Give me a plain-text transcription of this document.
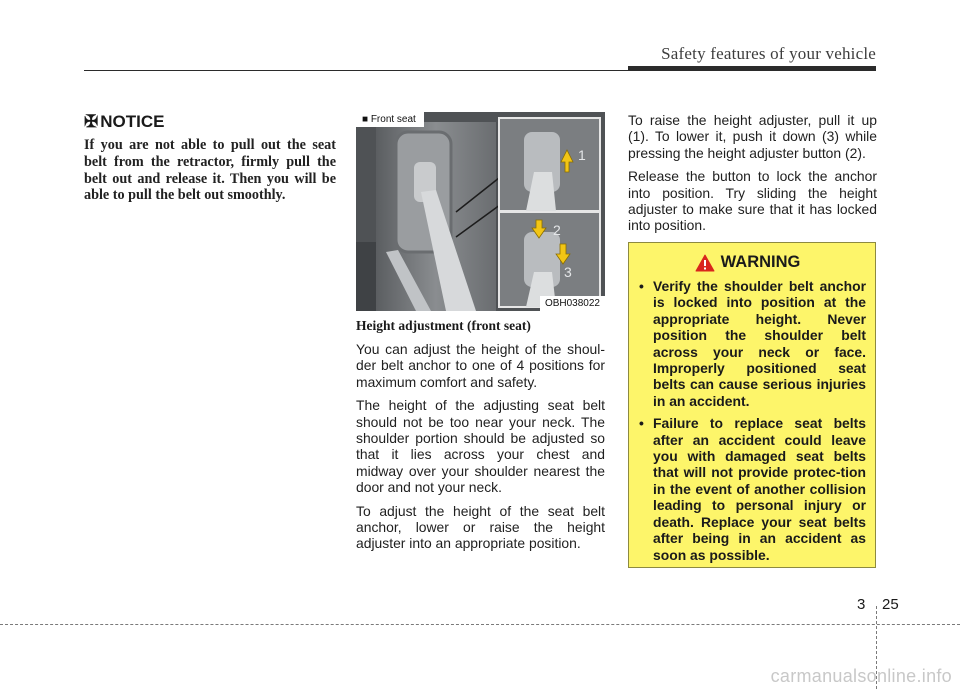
Safety features of your vehicle
✠ NOTICE
If you are not able to pull out the seat belt from the retractor, firmly pull the belt out and release it. Then you will be able to pull the belt out smoothly.
1
2
3
■ Front seat
OBH038022
Height adjustment (front seat)

You can adjust the height of the shoul-der belt anchor to one of 4 positions for maximum comfort and safety.

The height of the adjusting seat belt should not be too near your neck. The shoulder portion should be adjusted so that it lies across your chest and midway over your shoulder nearest the door and not your neck.

To adjust the height of the seat belt anchor, lower or raise the height adjuster into an appropriate position.

To raise the height adjuster, pull it up (1). To lower it, push it down (3) while pressing the height adjuster button (2).

Release the button to lock the anchor into position. Try sliding the height adjuster to make sure that it has locked into position.

WARNING
• Verify the shoulder belt anchor is locked into position at the appropriate height. Never position the shoulder belt across your neck or face. Improperly positioned seat belts can cause serious injuries in an accident.
• Failure to replace seat belts after an accident could leave you with damaged seat belts that will not provide protec-tion in the event of another collision leading to personal injury or death. Replace your seat belts after being in an accident as soon as possible.
3 25
carmanualsonline.info
